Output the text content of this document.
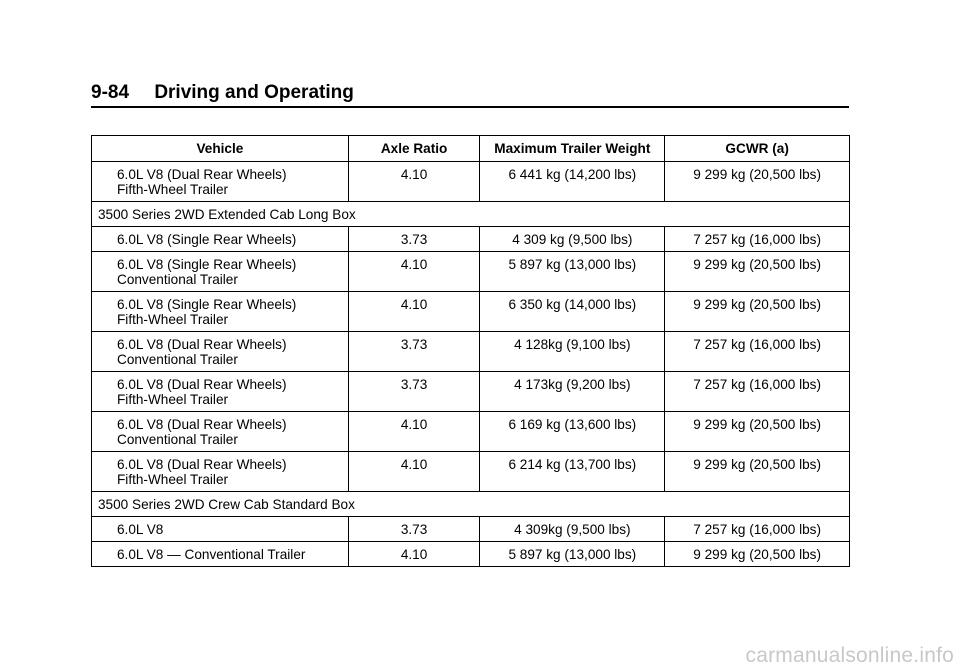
9-84 Driving and Operating
Vehicle	Axle Ratio	Maximum Trailer Weight	GCWR (a)

6.0L V8 (Dual Rear Wheels)
Fifth-Wheel Trailer	4.10	6 441 kg (14,200 lbs)	9 299 kg (20,500 lbs)
3500 Series 2WD Extended Cab Long Box			

6.0L V8 (Single Rear Wheels)	3.73	4 309 kg (9,500 lbs)	7 257 kg (16,000 lbs)

6.0L V8 (Single Rear Wheels)
Conventional Trailer	4.10	5 897 kg (13,000 lbs)	9 299 kg (20,500 lbs)

6.0L V8 (Single Rear Wheels)
Fifth-Wheel Trailer	4.10	6 350 kg (14,000 lbs)	9 299 kg (20,500 lbs)

6.0L V8 (Dual Rear Wheels)
Conventional Trailer	3.73	4 128kg (9,100 lbs)	7 257 kg (16,000 lbs)

6.0L V8 (Dual Rear Wheels)
Fifth-Wheel Trailer	3.73	4 173kg (9,200 lbs)	7 257 kg (16,000 lbs)

6.0L V8 (Dual Rear Wheels)
Conventional Trailer	4.10	6 169 kg (13,600 lbs)	9 299 kg (20,500 lbs)

6.0L V8 (Dual Rear Wheels)
Fifth-Wheel Trailer	4.10	6 214 kg (13,700 lbs)	9 299 kg (20,500 lbs)
3500 Series 2WD Crew Cab Standard Box			

6.0L V8	3.73	4 309kg (9,500 lbs)	7 257 kg (16,000 lbs)

6.0L V8 — Conventional Trailer	4.10	5 897 kg (13,000 lbs)	9 299 kg (20,500 lbs)
carmanualsonline.info
